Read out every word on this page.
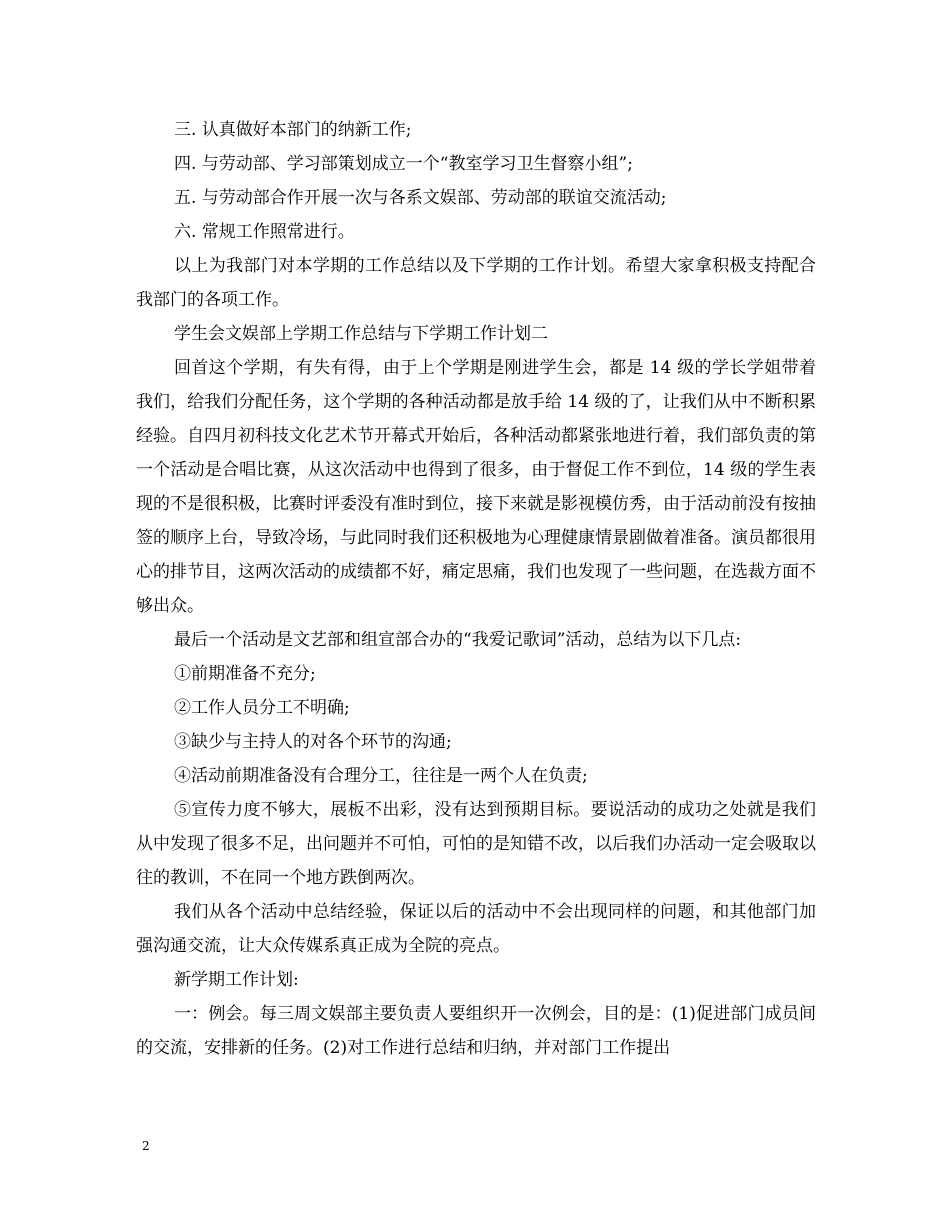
三. 认真做好本部门的纳新工作;

四. 与劳动部、学习部策划成立一个“教室学习卫生督察小组”;

五. 与劳动部合作开展一次与各系文娱部、劳动部的联谊交流活动;

六. 常规工作照常进行。

以上为我部门对本学期的工作总结以及下学期的工作计划。希望大家拿积极支持配合我部门的各项工作。

学生会文娱部上学期工作总结与下学期工作计划二

回首这个学期，有失有得，由于上个学期是刚进学生会，都是 14 级的学长学姐带着我们，给我们分配任务，这个学期的各种活动都是放手给 14 级的了，让我们从中不断积累经验。自四月初科技文化艺术节开幕式开始后，各种活动都紧张地进行着，我们部负责的第一个活动是合唱比赛，从这次活动中也得到了很多，由于督促工作不到位，14 级的学生表现的不是很积极，比赛时评委没有准时到位，接下来就是影视模仿秀，由于活动前没有按抽签的顺序上台，导致冷场，与此同时我们还积极地为心理健康情景剧做着准备。演员都很用心的排节目，这两次活动的成绩都不好，痛定思痛，我们也发现了一些问题，在选裁方面不够出众。

最后一个活动是文艺部和组宣部合办的“我爱记歌词”活动，总结为以下几点:

①前期准备不充分;

②工作人员分工不明确;

③缺少与主持人的对各个环节的沟通;

④活动前期准备没有合理分工，往往是一两个人在负责;

⑤宣传力度不够大，展板不出彩，没有达到预期目标。要说活动的成功之处就是我们从中发现了很多不足，出问题并不可怕，可怕的是知错不改，以后我们办活动一定会吸取以往的教训，不在同一个地方跌倒两次。

我们从各个活动中总结经验，保证以后的活动中不会出现同样的问题，和其他部门加强沟通交流，让大众传媒系真正成为全院的亮点。

新学期工作计划:

一：例会。每三周文娱部主要负责人要组织开一次例会，目的是：(1)促进部门成员间的交流，安排新的任务。(2)对工作进行总结和归纳，并对部门工作提出

2
